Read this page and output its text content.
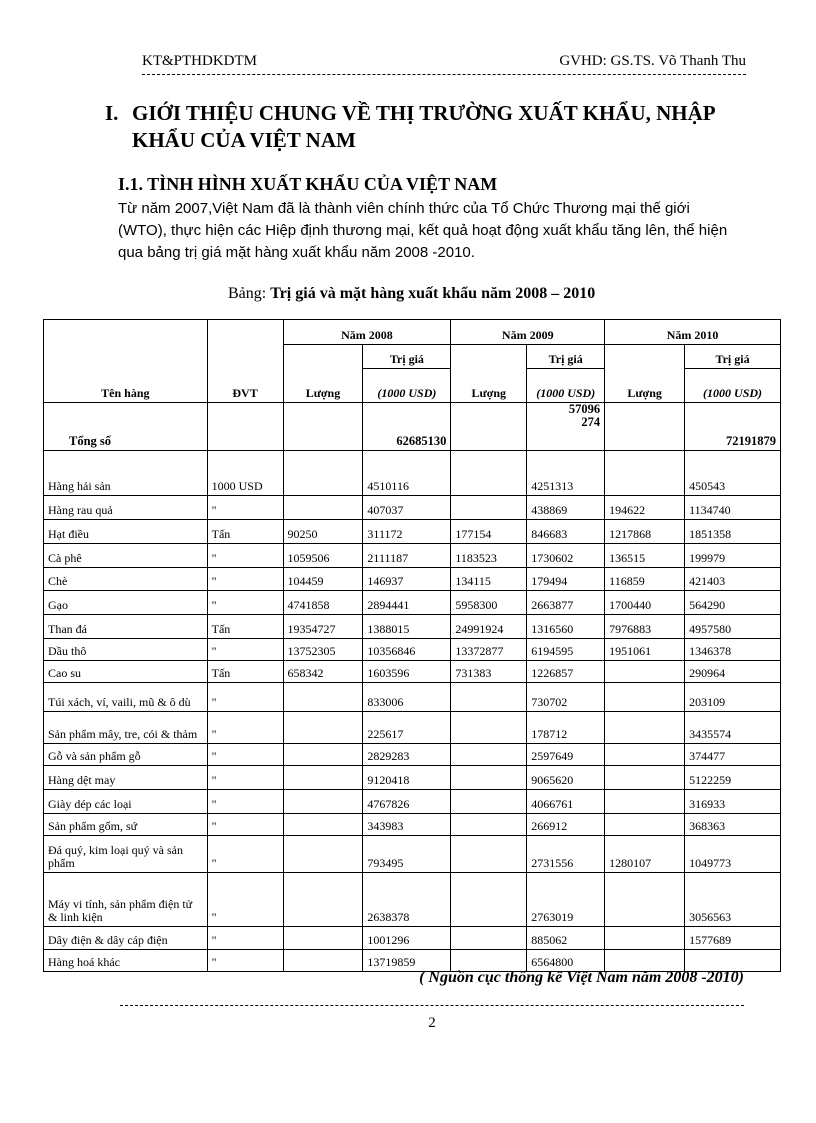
KT&PTHDKDTM	GVHD: GS.TS. Võ Thanh Thu
I. GIỚI THIỆU CHUNG VỀ THỊ TRƯỜNG XUẤT KHẨU, NHẬP KHẨU CỦA VIỆT NAM
I.1. TÌNH HÌNH XUẤT KHẨU CỦA VIỆT NAM

Từ năm 2007,Việt Nam đã là thành viên chính thức của Tổ Chức Thương mại thế giới (WTO), thực hiện các Hiệp định thương mại, kết quả hoạt động xuất khẩu tăng lên, thể hiện qua bảng trị giá mặt hàng xuất khẩu năm 2008 -2010.

Bảng: Trị giá và mặt hàng xuất khẩu năm 2008 – 2010
Tên hàng	ĐVT	Năm 2008		Năm 2009		Năm 2010	
		Lượng	Trị giá	Lượng	Trị giá	Lượng	Trị giá
			(1000 USD)		(1000 USD)		(1000 USD)
Tổng số			62685130		57096 274		72191879
Hàng hải sản	1000 USD		4510116		4251313		450543
Hàng rau quả	"		407037		438869	194622	1134740
Hạt điều	Tấn	90250	311172	177154	846683	1217868	1851358
Cà phê	"	1059506	2111187	1183523	1730602	136515	199979
Chè	"	104459	146937	134115	179494	116859	421403
Gạo	"	4741858	2894441	5958300	2663877	1700440	564290
Than đá	Tấn	19354727	1388015	24991924	1316560	7976883	4957580
Dầu thô	"	13752305	10356846	13372877	6194595	1951061	1346378
Cao su	Tấn	658342	1603596	731383	1226857		290964
Túi xách, ví, vaili, mũ & ô dù	"		833006		730702		203109
Sản phẩm mây, tre, cói & thảm	"		225617		178712		3435574
Gỗ và sản phẩm gỗ	"		2829283		2597649		374477
Hàng dệt may	"		9120418		9065620		5122259
Giày dép các loại	"		4767826		4066761		316933
Sản phẩm gốm, sứ	"		343983		266912		368363
Đá quý, kim loại quý và sản phẩm	"		793495		2731556	1280107	1049773
Máy vi tính, sản phẩm điện tử & linh kiện	"		2638378		2763019		3056563
Dây điện & dây cáp điện	"		1001296		885062		1577689
Hàng hoá khác	"		13719859		6564800		
( Nguồn cục thống kê Việt Nam năm 2008 -2010)
2
